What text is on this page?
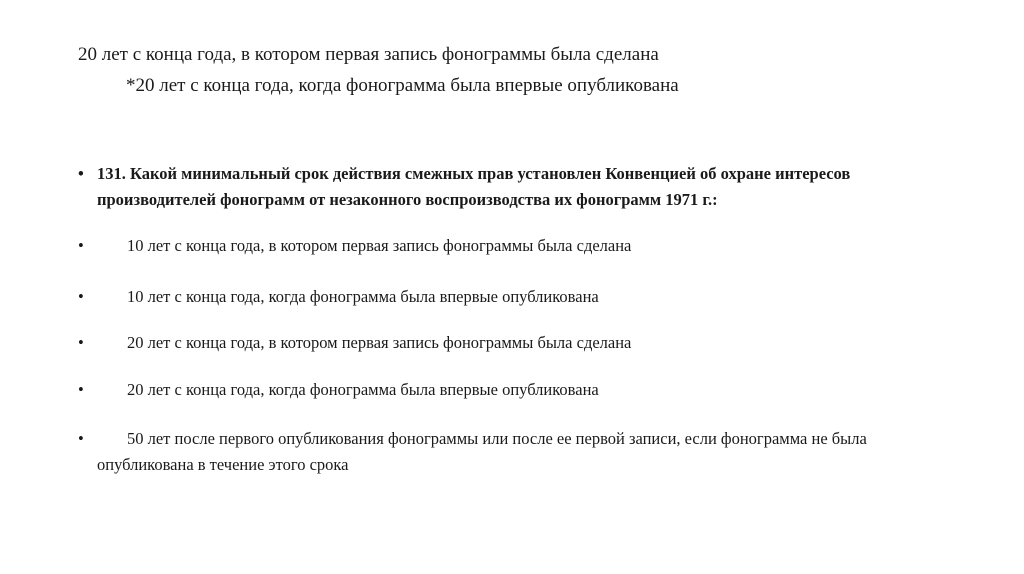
20 лет с конца года, в котором первая запись фонограммы была сделана
*20 лет с конца года, когда фонограмма была впервые опубликована
• 131. Какой минимальный срок действия смежных прав установлен Конвенцией об охране интересов производителей фонограмм от незаконного воспроизводства их фонограмм 1971 г.:
•	10 лет с конца года, в котором первая запись фонограммы была сделана
•	10 лет с конца года, когда фонограмма была впервые опубликована
•	20 лет с конца года, в котором первая запись фонограммы была сделана
•	20 лет с конца года, когда фонограмма была впервые опубликована
•	50 лет после первого опубликования фонограммы или после ее первой записи, если фонограмма не была опубликована в течение этого срока
